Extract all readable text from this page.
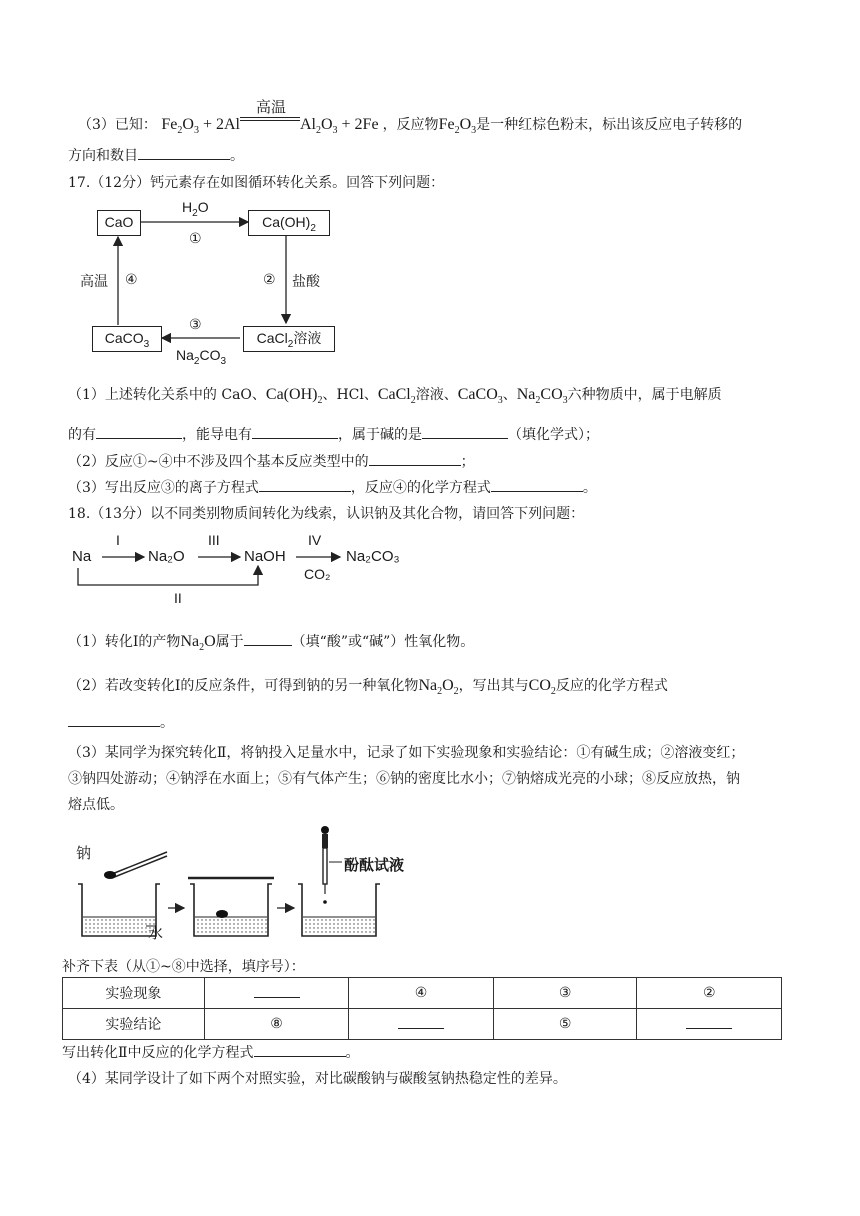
高温
（3）已知： $Fe_2O_3 + 2Al$	$Al_2O_3 + 2Fe$ ，反应物$Fe_2O_3$是一种红棕色粉末，标出该反应电子转移的
方向和数目	。
17.（12分）钙元素存在如图循环转化关系。回答下列问题：
CaO	$Ca(OH)_2$
CaCO$_3$	CaCl$_2$溶液
$H_2O$
①
② 盐酸
③
$Na_2CO_3$
高温 ④
（1）上述转化关系中的 CaO、$Ca(OH)_2$、HCl、CaCl$_2$溶液、CaCO$_3$、$Na_2CO_3$六种物质中，属于电解质
的有	，能导电有	，属于碱的是	（填化学式）；
（2）反应①~④中不涉及四个基本反应类型中的	；
（3）写出反应③的离子方程式	，反应④的化学方程式	。
18.（13分）以不同类别物质间转化为线索，认识钠及其化合物，请回答下列问题：
Na	Na₂O	NaOH	Na₂CO₃
I	III	IV
CO₂
II
（1）转化Ⅰ的产物$Na_2O$属于	（填“酸”或“碱”）性氧化物。
（2）若改变转化Ⅰ的反应条件，可得到钠的另一种氧化物$Na_2O_2$，写出其与$CO_2$反应的化学方程式
。
（3）某同学为探究转化Ⅱ，将钠投入足量水中，记录了如下实验现象和实验结论：①有碱生成；②溶液变红；
③钠四处游动；④钠浮在水面上；⑤有气体产生；⑥钠的密度比水小；⑦钠熔成光亮的小球；⑧反应放热，钠
熔点低。
钠
水
酚酞试液
补齐下表（从①~⑧中选择，填序号）：
实验现象		④	③	②
实验结论	⑧		⑤	
写出转化Ⅱ中反应的化学方程式	。
（4）某同学设计了如下两个对照实验，对比碳酸钠与碳酸氢钠热稳定性的差异。
